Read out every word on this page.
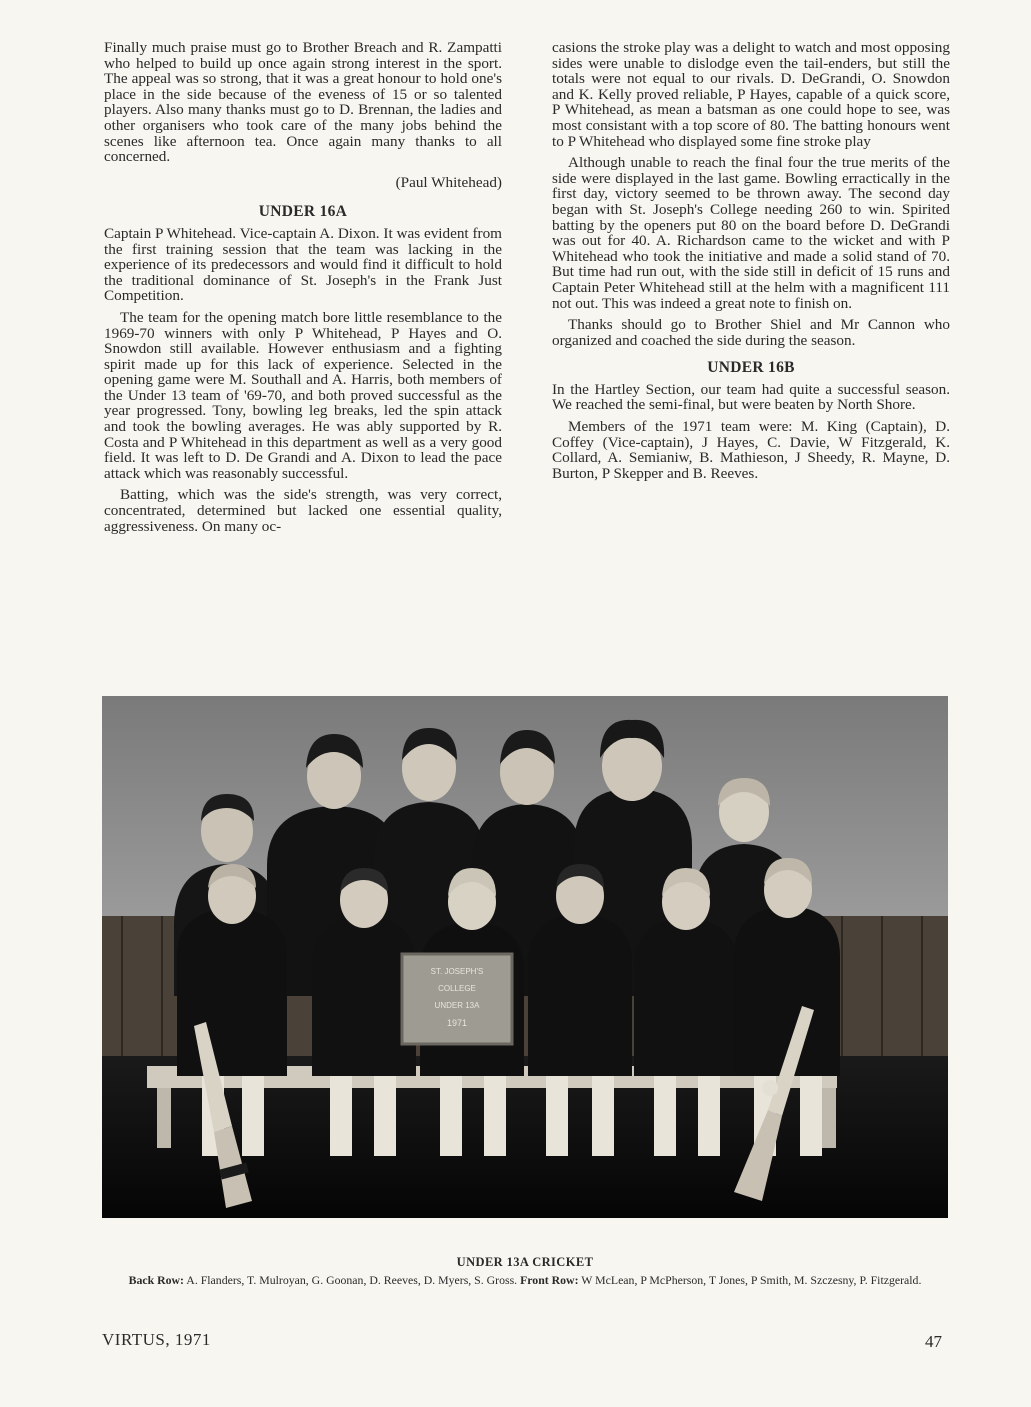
Finally much praise must go to Brother Breach and R. Zampatti who helped to build up once again strong interest in the sport. The appeal was so strong, that it was a great honour to hold one's place in the side because of the eveness of 15 or so talented players. Also many thanks must go to D. Brennan, the ladies and other organisers who took care of the many jobs behind the scenes like afternoon tea. Once again many thanks to all concerned.

(Paul Whitehead)

UNDER 16A

Captain P Whitehead. Vice-captain A. Dixon. It was evident from the first training session that the team was lacking in the experience of its predecessors and would find it difficult to hold the traditional dominance of St. Joseph's in the Frank Just Competition.

The team for the opening match bore little resemblance to the 1969-70 winners with only P Whitehead, P Hayes and O. Snowdon still available. However enthusiasm and a fighting spirit made up for this lack of experience. Selected in the opening game were M. Southall and A. Harris, both members of the Under 13 team of '69-70, and both proved successful as the year progressed. Tony, bowling leg breaks, led the spin attack and took the bowling averages. He was ably supported by R. Costa and P Whitehead in this department as well as a very good field. It was left to D. De Grandi and A. Dixon to lead the pace attack which was reasonably successful.

Batting, which was the side's strength, was very correct, concentrated, determined but lacked one essential quality, aggressiveness. On many oc-

casions the stroke play was a delight to watch and most opposing sides were unable to dislodge even the tail-enders, but still the totals were not equal to our rivals. D. DeGrandi, O. Snowdon and K. Kelly proved reliable, P Hayes, capable of a quick score, P Whitehead, as mean a batsman as one could hope to see, was most consistant with a top score of 80. The batting honours went to P Whitehead who displayed some fine stroke play

Although unable to reach the final four the true merits of the side were displayed in the last game. Bowling erractically in the first day, victory seemed to be thrown away. The second day began with St. Joseph's College needing 260 to win. Spirited batting by the openers put 80 on the board before D. DeGrandi was out for 40. A. Richardson came to the wicket and with P Whitehead who took the initiative and made a solid stand of 70. But time had run out, with the side still in deficit of 15 runs and Captain Peter Whitehead still at the helm with a magnificent 111 not out. This was indeed a great note to finish on.

Thanks should go to Brother Shiel and Mr Cannon who organized and coached the side during the season.

UNDER 16B

In the Hartley Section, our team had quite a successful season. We reached the semi-final, but were beaten by North Shore.

Members of the 1971 team were: M. King (Captain), D. Coffey (Vice-captain), J Hayes, C. Davie, W Fitzgerald, K. Collard, A. Semianiw, B. Mathieson, J Sheedy, R. Mayne, D. Burton, P Skepper and B. Reeves.

ST. JOSEPH'S
COLLEGE
UNDER 13A
1971
UNDER 13A CRICKET
Back Row: A. Flanders, T. Mulroyan, G. Goonan, D. Reeves, D. Myers, S. Gross. Front Row: W McLean, P McPherson, T Jones, P Smith, M. Szczesny, P. Fitzgerald.
VIRTUS, 1971	47
